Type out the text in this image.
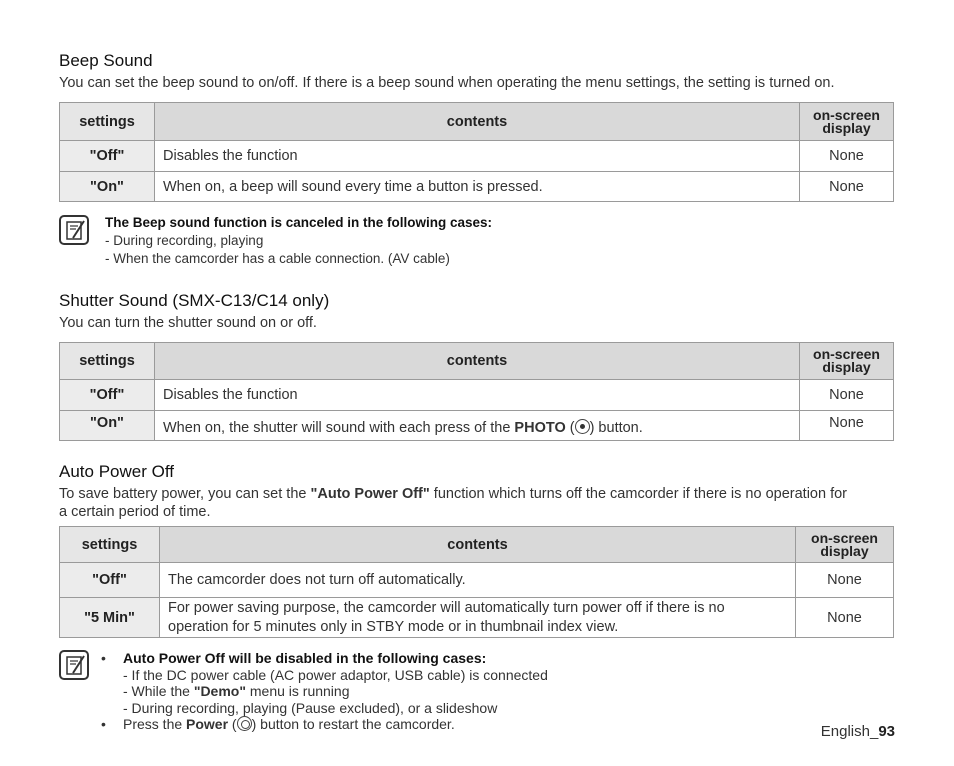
Beep Sound
You can set the beep sound to on/off. If there is a beep sound when operating the menu settings, the setting is turned on.
settings	contents	on-screen display
"Off"	Disables the function	None
"On"	When on, a beep will sound every time a button is pressed.	None
The Beep sound function is canceled in the following cases:
- During recording, playing
- When the camcorder has a cable connection. (AV cable)
Shutter Sound (SMX-C13/C14 only)
You can turn the shutter sound on or off.
settings	contents	on-screen display
"Off"	Disables the function	None
"On"	When on, the shutter will sound with each press of the PHOTO ( ) button.	None
Auto Power Off
To save battery power, you can set the "Auto Power Off" function which turns off the camcorder if there is no operation for a certain period of time.
settings	contents	on-screen display
"Off"	The camcorder does not turn off automatically.	None
"5 Min"	For power saving purpose, the camcorder will automatically turn power off if there is no operation for 5 minutes only in STBY mode or in thumbnail index view.	None
• Auto Power Off will be disabled in the following cases:
- If the DC power cable (AC power adaptor, USB cable) is connected
- While the "Demo" menu is running
- During recording, playing (Pause excluded), or a slideshow
• Press the Power ( ) button to restart the camcorder.	English_93
